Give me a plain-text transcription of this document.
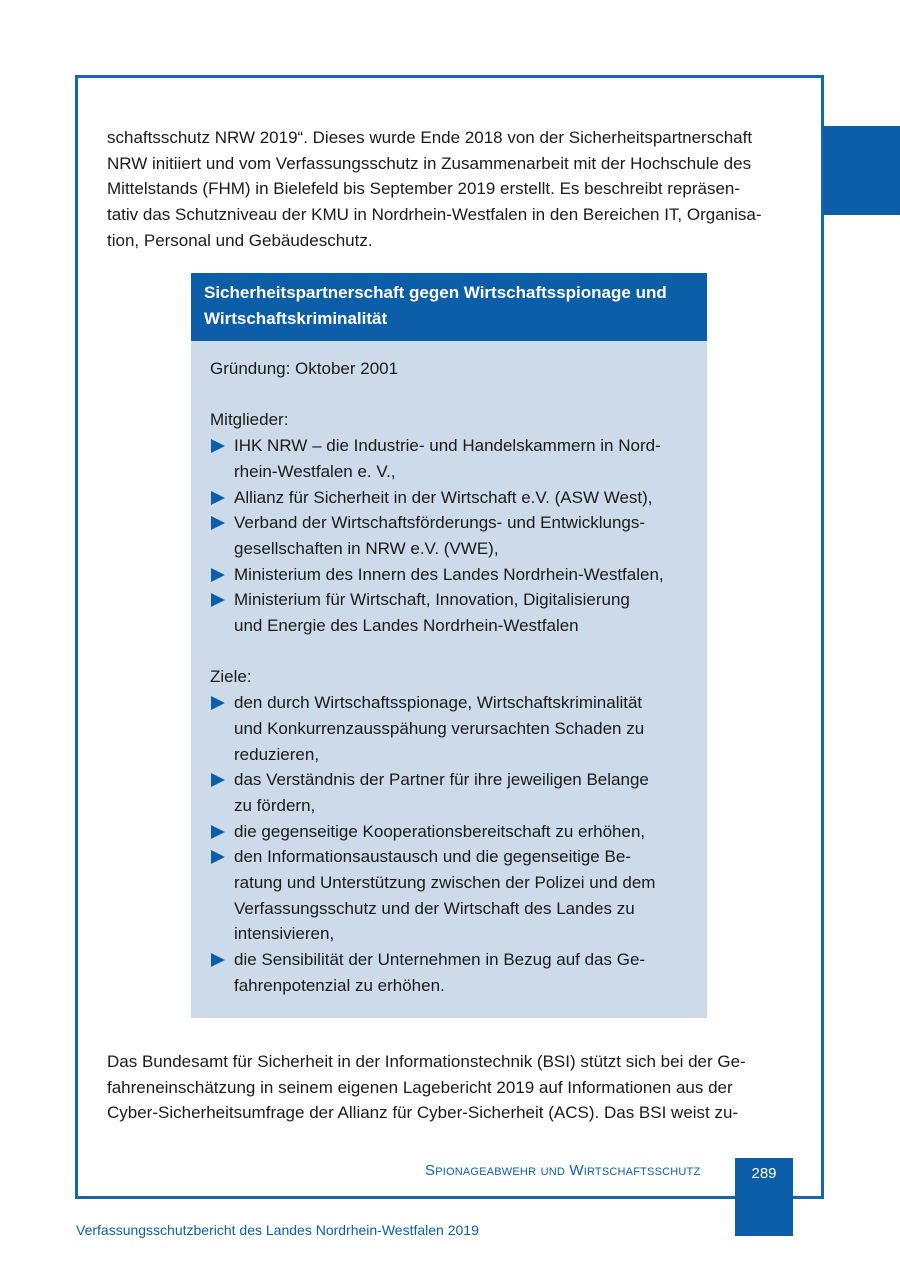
schaftsschutz NRW 2019“. Dieses wurde Ende 2018 von der Sicherheitspartnerschaft
NRW initiiert und vom Verfassungsschutz in Zusammenarbeit mit der Hochschule des
Mittelstands (FHM) in Bielefeld bis September 2019 erstellt. Es beschreibt repräsen-
tativ das Schutzniveau der KMU in Nordrhein-Westfalen in den Bereichen IT, Organisa-
tion, Personal und Gebäudeschutz.
Sicherheitspartnerschaft gegen Wirtschaftsspionage und
Wirtschaftskriminalität
Gründung: Oktober 2001
Mitglieder:
IHK NRW – die Industrie- und Handelskammern in Nord-
rhein-Westfalen e. V.,
Allianz für Sicherheit in der Wirtschaft e.V. (ASW West),
Verband der Wirtschaftsförderungs- und Entwicklungs-
gesellschaften in NRW e.V. (VWE),
Ministerium des Innern des Landes Nordrhein-Westfalen,
Ministerium für Wirtschaft, Innovation, Digitalisierung
und Energie des Landes Nordrhein-Westfalen
Ziele:
den durch Wirtschaftsspionage, Wirtschaftskriminalität
und Konkurrenzausspähung verursachten Schaden zu
reduzieren,
das Verständnis der Partner für ihre jeweiligen Belange
zu fördern,
die gegenseitige Kooperationsbereitschaft zu erhöhen,
den Informationsaustausch und die gegenseitige Be-
ratung und Unterstützung zwischen der Polizei und dem
Verfassungsschutz und der Wirtschaft des Landes zu
intensivieren,
die Sensibilität der Unternehmen in Bezug auf das Ge-
fahrenpotenzial zu erhöhen.
Das Bundesamt für Sicherheit in der Informationstechnik (BSI) stützt sich bei der Ge-
fahreneinschätzung in seinem eigenen Lagebericht 2019 auf Informationen aus der
Cyber-Sicherheitsumfrage der Allianz für Cyber-Sicherheit (ACS). Das BSI weist zu-
Spionageabwehr und Wirtschaftsschutz	289
Verfassungsschutzbericht des Landes Nordrhein-Westfalen 2019
